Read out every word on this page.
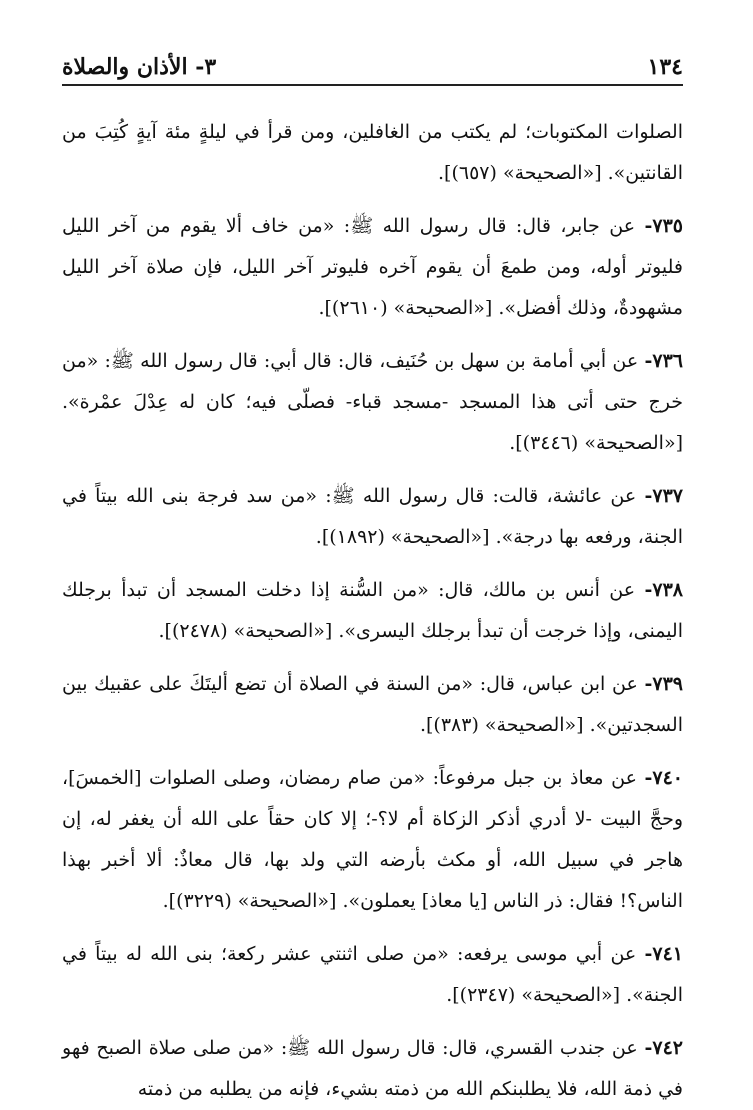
١٣٤
٣- الأذان والصلاة

الصلوات المكتوبات؛ لم يكتب من الغافلين، ومن قرأ في ليلةٍ مئة آيةٍ كُتِبَ من القانتين». [«الصحيحة» (٦٥٧)].

٧٣٥- عن جابر، قال: قال رسول الله ﷺ: «من خاف ألا يقوم من آخر الليل فليوتر أوله، ومن طمعَ أن يقوم آخره فليوتر آخر الليل، فإن صلاة آخر الليل مشهودةٌ، وذلك أفضل». [«الصحيحة» (٢٦١٠)].

٧٣٦- عن أبي أمامة بن سهل بن حُنَيف، قال: قال أبي: قال رسول الله ﷺ: «من خرج حتى أتى هذا المسجد -مسجد قباء- فصلّى فيه؛ كان له عِدْلَ عمْرة». [«الصحيحة» (٣٤٤٦)].

٧٣٧- عن عائشة، قالت: قال رسول الله ﷺ: «من سد فرجة بنى الله بيتاً في الجنة، ورفعه بها درجة». [«الصحيحة» (١٨٩٢)].

٧٣٨- عن أنس بن مالك، قال: «من السُّنة إذا دخلت المسجد أن تبدأ برجلك اليمنى، وإذا خرجت أن تبدأ برجلك اليسرى». [«الصحيحة» (٢٤٧٨)].

٧٣٩- عن ابن عباس، قال: «من السنة في الصلاة أن تضع أليتَكَ على عقبيك بين السجدتين». [«الصحيحة» (٣٨٣)].

٧٤٠- عن معاذ بن جبل مرفوعاً: «من صام رمضان، وصلى الصلوات [الخمسَ]، وحجَّ البيت -لا أدري أذكر الزكاة أم لا؟-؛ إلا كان حقاً على الله أن يغفر له، إن هاجر في سبيل الله، أو مكث بأرضه التي ولد بها، قال معاذٌ: ألا أخبر بهذا الناس؟! فقال: ذر الناس [يا معاذ] يعملون». [«الصحيحة» (٣٢٢٩)].

٧٤١- عن أبي موسى يرفعه: «من صلى اثنتي عشر ركعة؛ بنى الله له بيتاً في الجنة». [«الصحيحة» (٢٣٤٧)].

٧٤٢- عن جندب القسري، قال: قال رسول الله ﷺ: «من صلى صلاة الصبح فهو في ذمة الله، فلا يطلبنكم الله من ذمته بشيء، فإنه من يطلبه من ذمته
